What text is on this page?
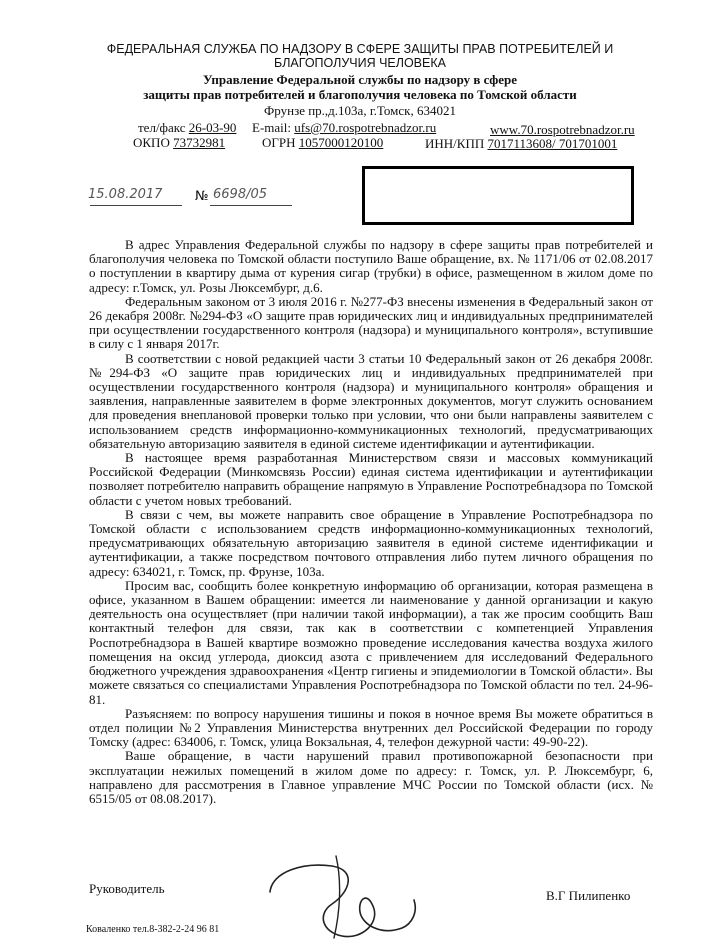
ФЕДЕРАЛЬНАЯ СЛУЖБА ПО НАДЗОРУ В СФЕРЕ ЗАЩИТЫ ПРАВ ПОТРЕБИТЕЛЕЙ И

БЛАГОПОЛУЧИЯ ЧЕЛОВЕКА

Управление Федеральной службы по надзору в сфере

защиты прав потребителей и благополучия человека по Томской области

Фрунзе пр.,д.103а, г.Томск, 634021

тел/факс 26-03-90 E-mail: ufs@70.rospotrebnadzor.ru	www.70.rospotrebnadzor.ru
ОКПО 73732981	ОГРН 1057000120100	ИНН/КПП 7017113608/ 701701001
15.08.2017	№ 6698/05

В адрес Управления Федеральной службы по надзору в сфере защиты прав потребителей и благополучия человека по Томской области поступило Ваше обращение, вх. № 1171/06 от 02.08.2017 о поступлении в квартиру дыма от курения сигар (трубки) в офисе, размещенном в жилом доме по адресу: г.Томск, ул. Розы Люксембург, д.6.

Федеральным законом от 3 июля 2016 г. №277-ФЗ внесены изменения в Федеральный закон от 26 декабря 2008г. №294-ФЗ «О защите прав юридических лиц и индивидуальных предпринимателей при осуществлении государственного контроля (надзора) и муниципального контроля», вступившие в силу с 1 января 2017г.

В соответствии с новой редакцией части 3 статьи 10 Федеральный закон от 26 декабря 2008г. №294-ФЗ «О защите прав юридических лиц и индивидуальных предпринимателей при осуществлении государственного контроля (надзора) и муниципального контроля» обращения и заявления, направленные заявителем в форме электронных документов, могут служить основанием для проведения внеплановой проверки только при условии, что они были направлены заявителем с использованием средств информационно-коммуникационных технологий, предусматривающих обязательную авторизацию заявителя в единой системе идентификации и аутентификации.

В настоящее время разработанная Министерством связи и массовых коммуникаций Российской Федерации (Минкомсвязь России) единая система идентификации и аутентификации позволяет потребителю направить обращение напрямую в Управление Роспотребнадзора по Томской области с учетом новых требований.

В связи с чем, вы можете направить свое обращение в Управление Роспотребнадзора по Томской области с использованием средств информационно-коммуникационных технологий, предусматривающих обязательную авторизацию заявителя в единой системе идентификации и аутентификации, а также посредством почтового отправления либо путем личного обращения по адресу: 634021, г. Томск, пр. Фрунзе, 103а.

Просим вас, сообщить более конкретную информацию об организации, которая размещена в офисе, указанном в Вашем обращении: имеется ли наименование у данной организации и какую деятельность она осуществляет (при наличии такой информации), а так же просим сообщить Ваш контактный телефон для связи, так как в соответствии с компетенцией Управления Роспотребнадзора в Вашей квартире возможно проведение исследования качества воздуха жилого помещения на оксид углерода, диоксид азота с привлечением для исследований Федерального бюджетного учреждения здравоохранения «Центр гигиены и эпидемиологии в Томской области». Вы можете связаться со специалистами Управления Роспотребнадзора по Томской области по тел. 24-96-81.

Разъясняем: по вопросу нарушения тишины и покоя в ночное время Вы можете обратиться в отдел полиции №2 Управления Министерства внутренних дел Российской Федерации по городу Томску (адрес: 634006, г. Томск, улица Вокзальная, 4, телефон дежурной части: 49-90-22).

Ваше обращение, в части нарушений правил противопожарной безопасности при эксплуатации нежилых помещений в жилом доме по адресу: г. Томск, ул. Р. Люксембург, 6, направлено для рассмотрения в Главное управление МЧС России по Томской области (исх. № 6515/05 от 08.08.2017).

Руководитель	В.Г Пилипенко
Коваленко тел.8-382-2-24 96 81
